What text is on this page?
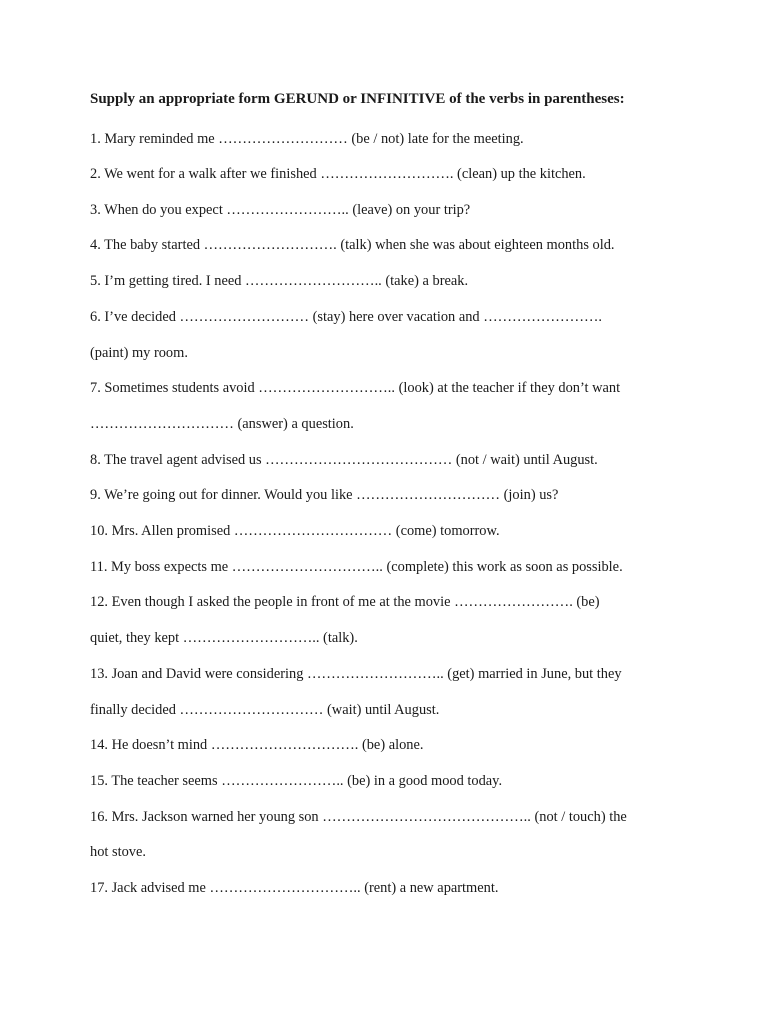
Supply an appropriate form GERUND or INFINITIVE of the verbs in parentheses:
1. Mary reminded me ……………………… (be / not) late for the meeting.
2. We went for a walk after we finished ………………………. (clean) up the kitchen.
3. When do you expect …………………….. (leave) on your trip?
4. The baby started ………………………. (talk) when she was about eighteen months old.
5. I’m getting tired. I need ……………………….. (take) a break.
6. I’ve decided ……………………… (stay) here over vacation and …………………….
(paint) my room.
7. Sometimes students avoid ……………………….. (look) at the teacher if they don’t want
………………………… (answer) a question.
8. The travel agent advised us ………………………………… (not / wait) until August.
9. We’re going out for dinner. Would you like ………………………… (join) us?
10. Mrs. Allen promised …………………………… (come) tomorrow.
11. My boss expects me ………………………….. (complete) this work as soon as possible.
12. Even though I asked the people in front of me at the movie ……………………. (be)
quiet, they kept ……………………….. (talk).
13. Joan and David were considering ……………………….. (get) married in June, but they
finally decided ………………………… (wait) until August.
14. He doesn’t mind …………………………. (be) alone.
15. The teacher seems …………………….. (be) in a good mood today.
16. Mrs. Jackson warned her young son …………………………………….. (not / touch) the
hot stove.
17. Jack advised me ………………………….. (rent) a new apartment.
